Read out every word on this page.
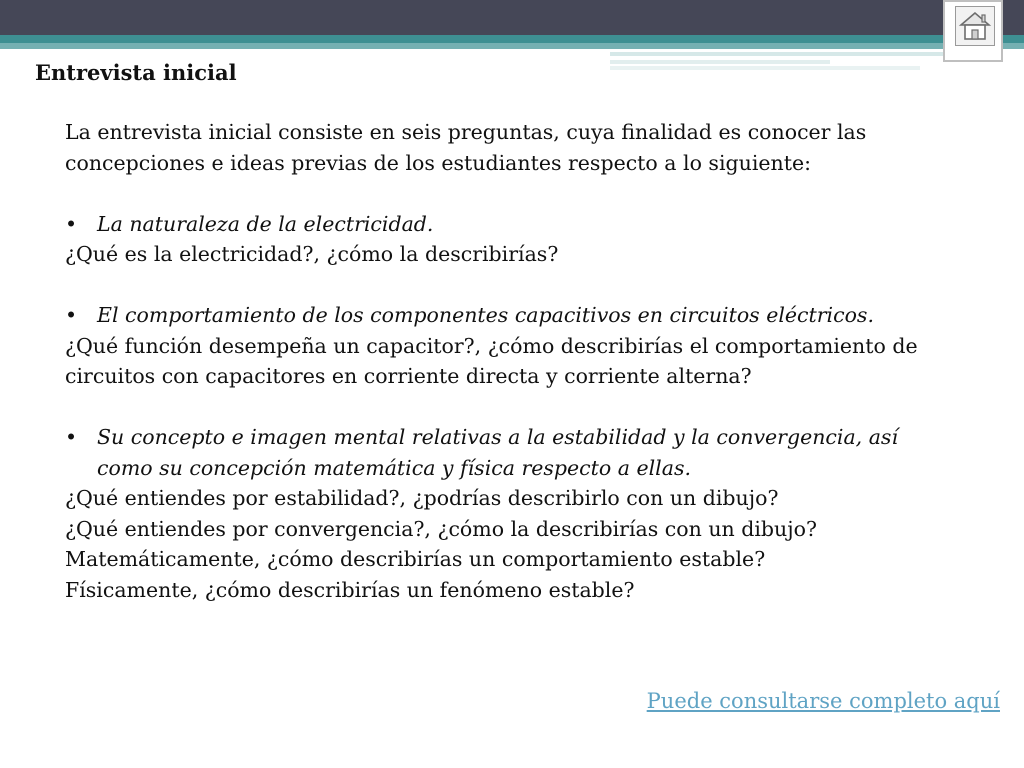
Entrevista inicial

La entrevista inicial consiste en seis preguntas, cuya finalidad es conocer las

concepciones e ideas previas de los estudiantes respecto a lo siguiente:

• La naturaleza de la electricidad.

¿Qué es la electricidad?, ¿cómo la describirías?

• El comportamiento de los componentes capacitivos en circuitos eléctricos.

¿Qué función desempeña un capacitor?, ¿cómo describirías el comportamiento de

circuitos con capacitores en corriente directa y corriente alterna?

• Su concepto e imagen mental relativas a la estabilidad y la convergencia, así
como su concepción matemática y física respecto a ellas.

¿Qué entiendes por estabilidad?, ¿podrías describirlo con un dibujo?

¿Qué entiendes por convergencia?, ¿cómo la describirías con un dibujo?

Matemáticamente, ¿cómo describirías un comportamiento estable?

Físicamente, ¿cómo describirías un fenómeno estable?

Puede consultarse completo aquí
